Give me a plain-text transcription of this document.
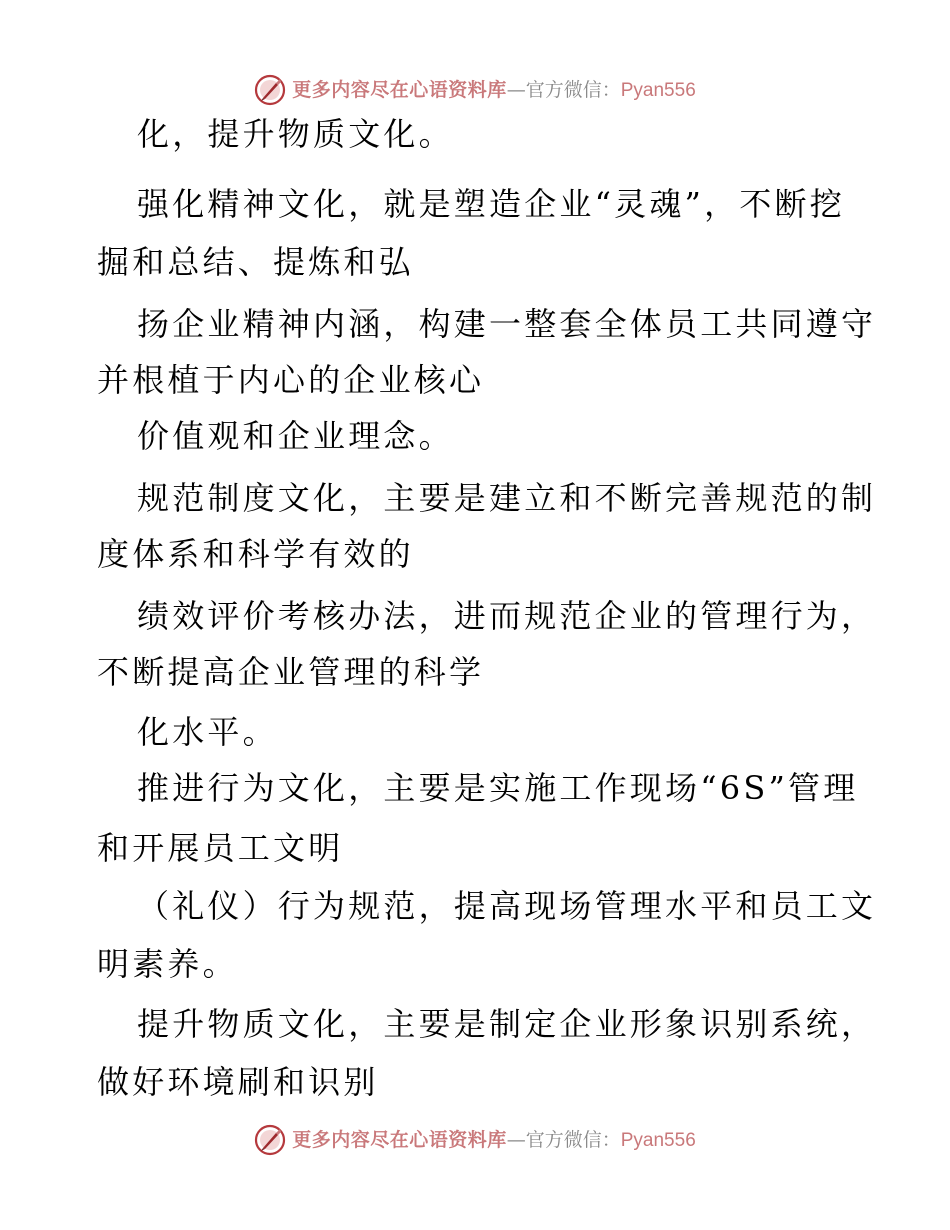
更多内容尽在心语资料库 —官方微信： Pyan556
化，提升物质文化。
强化精神文化，就是塑造企业“灵魂”，不断挖
掘和总结、提炼和弘
扬企业精神内涵，构建一整套全体员工共同遵守
并根植于内心的企业核心
价值观和企业理念。
规范制度文化，主要是建立和不断完善规范的制
度体系和科学有效的
绩效评价考核办法，进而规范企业的管理行为，
不断提高企业管理的科学
化水平。
推进行为文化，主要是实施工作现场“6S”管理
和开展员工文明
（礼仪）行为规范，提高现场管理水平和员工文
明素养。
提升物质文化，主要是制定企业形象识别系统，
做好环境刷和识别
更多内容尽在心语资料库 —官方微信： Pyan556
